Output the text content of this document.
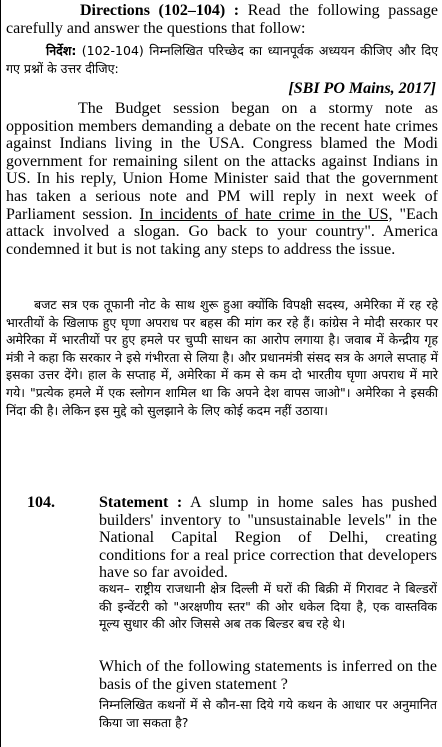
Directions (102–104) : Read the following passage carefully and answer the questions that follow:

निर्देश: (102-104) निम्नलिखित परिच्छेद का ध्यानपूर्वक अध्ययन कीजिए और दिए गए प्रश्नों के उत्तर दीजिए:

[SBI PO Mains, 2017]

The Budget session began on a stormy note as opposition members demanding a debate on the recent hate crimes against Indians living in the USA. Congress blamed the Modi government for remaining silent on the attacks against Indians in US. In his reply, Union Home Minister said that the government has taken a serious note and PM will reply in next week of Parliament session. In incidents of hate crime in the US, "Each attack involved a slogan. Go back to your country". America condemned it but is not taking any steps to address the issue.

बजट सत्र एक तूफानी नोट के साथ शुरू हुआ क्योंकि विपक्षी सदस्य, अमेरिका में रह रहे भारतीयों के खिलाफ हुए घृणा अपराध पर बहस की मांग कर रहे हैं। कांग्रेस ने मोदी सरकार पर अमेरिका में भारतीयों पर हुए हमले पर चुप्पी साधन का आरोप लगाया है। जवाब में केन्द्रीय गृह मंत्री ने कहा कि सरकार ने इसे गंभीरता से लिया है। और प्रधानमंत्री संसद सत्र के अगले सप्ताह में इसका उत्तर देंगे। हाल के सप्ताह में, अमेरिका में कम से कम दो भारतीय घृणा अपराध में मारे गये। "प्रत्येक हमले में एक स्लोगन शामिल था कि अपने देश वापस जाओ"। अमेरिका ने इसकी निंदा की है। लेकिन इस मुद्दे को सुलझाने के लिए कोई कदम नहीं उठाया।

104.	Statement : A slump in home sales has pushed builders' inventory to "unsustainable levels" in the National Capital Region of Delhi, creating conditions for a real price correction that developers have so far avoided.

कथन– राष्ट्रीय राजधानी क्षेत्र दिल्ली में घरों की बिक्री में गिरावट ने बिल्डरों की इन्वेंटरी को "अरक्षणीय स्तर" की ओर धकेल दिया है, एक वास्तविक मूल्य सुधार की ओर जिससे अब तक बिल्डर बच रहे थे।

Which of the following statements is inferred on the basis of the given statement ?

निम्नलिखित कथनों में से कौन-सा दिये गये कथन के आधार पर अनुमानित किया जा सकता है?
